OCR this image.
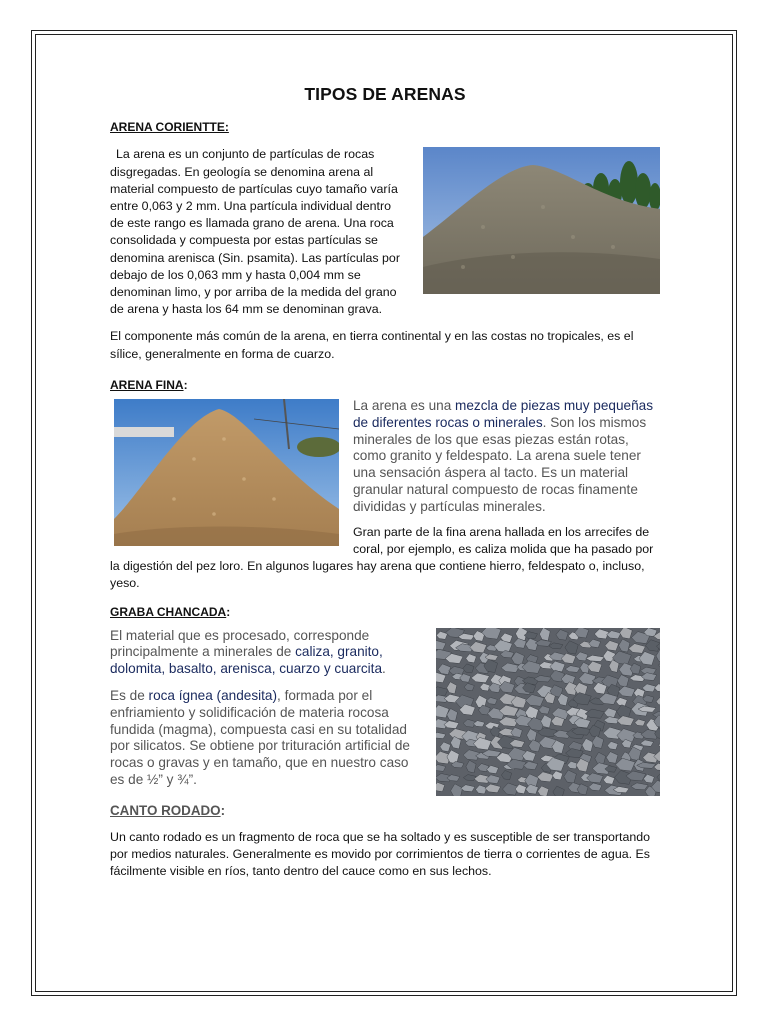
TIPOS DE ARENAS
ARENA CORIENTTE:

La arena es un conjunto de partículas de rocas disgregadas. En geología se denomina arena al material compuesto de partículas cuyo tamaño varía entre 0,063 y 2 mm. Una partícula individual dentro de este rango es llamada grano de arena. Una roca consolidada y compuesta por estas partículas se denomina arenisca (Sin. psamita). Las partículas por debajo de los 0,063 mm y hasta 0,004 mm se denominan limo, y por arriba de la medida del grano de arena y hasta los 64 mm se denominan grava.

El componente más común de la arena, en tierra continental y en las costas no tropicales, es el sílice, generalmente en forma de cuarzo.

ARENA FINA:

La arena es una mezcla de piezas muy pequeñas de diferentes rocas o minerales. Son los mismos minerales de los que esas piezas están rotas, como granito y feldespato. La arena suele tener una sensación áspera al tacto. Es un material granular natural compuesto de rocas finamente divididas y partículas minerales.

Gran parte de la fina arena hallada en los arrecifes de coral, por ejemplo, es caliza molida que ha pasado por la digestión del pez loro. En algunos lugares hay arena que contiene hierro, feldespato o, incluso, yeso.

GRABA CHANCADA:

El material que es procesado, corresponde principalmente a minerales de caliza, granito, dolomita, basalto, arenisca, cuarzo y cuarcita.

Es de roca ígnea (andesita), formada por el enfriamiento y solidificación de materia rocosa fundida (magma), compuesta casi en su totalidad por silicatos. Se obtiene por trituración artificial de rocas o gravas y en tamaño, que en nuestro caso es de ½” y ¾”.

CANTO RODADO:

Un canto rodado es un fragmento de roca que se ha soltado y es susceptible de ser transportando por medios naturales. Generalmente es movido por corrimientos de tierra o corrientes de agua. Es fácilmente visible en ríos, tanto dentro del cauce como en sus lechos.
